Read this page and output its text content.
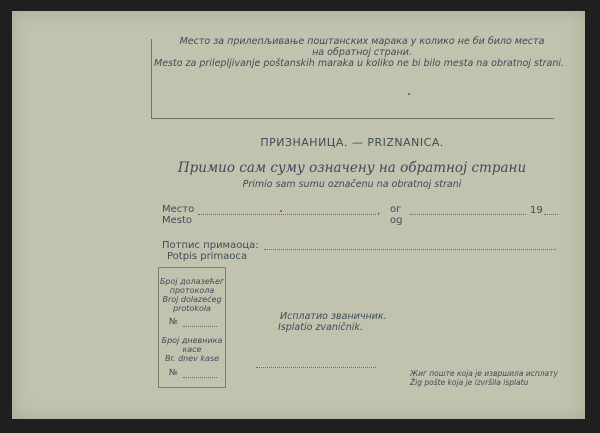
Место за прилепљивање поштанских марака у колико не би било места
на обратној страни.
Mesto za prilepljivanje poštanskih maraka u koliko ne bi bilo mesta na obratnoj strani.
ПРИЗНАНИЦА. — PRIZNANICA.
Примио сам суму означену на обратној страни
Primio sam sumu označenu na obratnoj strani
Место
Mesto
, ог
og
19
Потпис примаоца:
Potpis primaoca
Број долазећег
протокола
Broj dolazećeg
protokola
№
Број дневника
касе
Br. dnev kase
№
Исплатио званичник.
Isplatio zvaničnik.
Жиг поште која је извршила исплату
Žig pošte koja je izvršila isplatu
